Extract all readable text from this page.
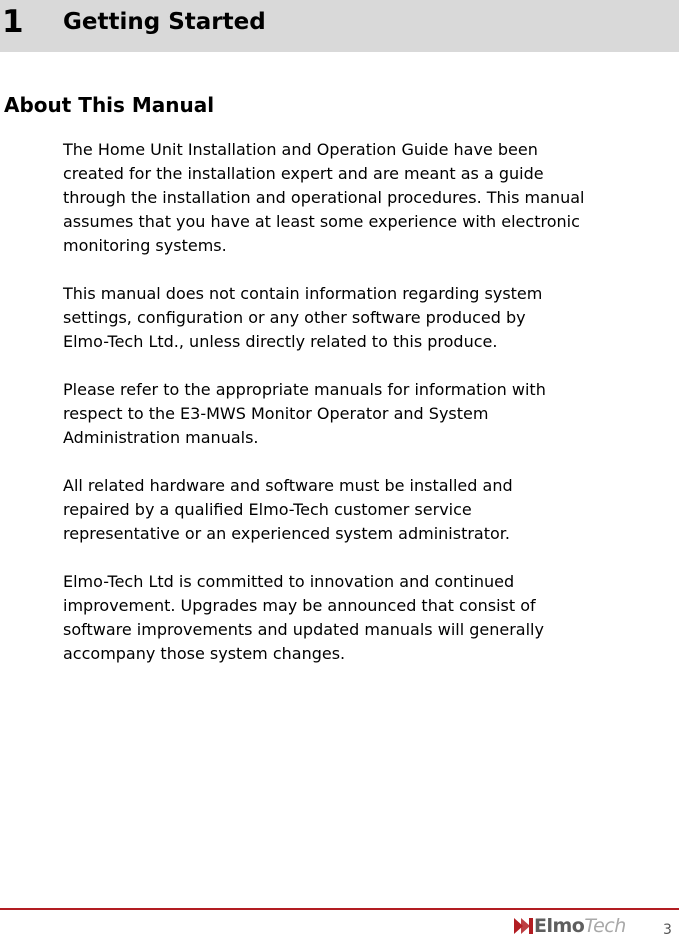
1 Getting Started
About This Manual

The Home Unit Installation and Operation Guide have been
created for the installation expert and are meant as a guide
through the installation and operational procedures. This manual
assumes that you have at least some experience with electronic
monitoring systems.

This manual does not contain information regarding system
settings, configuration or any other software produced by
Elmo-Tech Ltd., unless directly related to this produce.

Please refer to the appropriate manuals for information with
respect to the E3-MWS Monitor Operator and System
Administration manuals.

All related hardware and software must be installed and
repaired by a qualified Elmo-Tech customer service
representative or an experienced system administrator.

Elmo-Tech Ltd is committed to innovation and continued
improvement. Upgrades may be announced that consist of
software improvements and updated manuals will generally
accompany those system changes.

Elmo Tech	3
